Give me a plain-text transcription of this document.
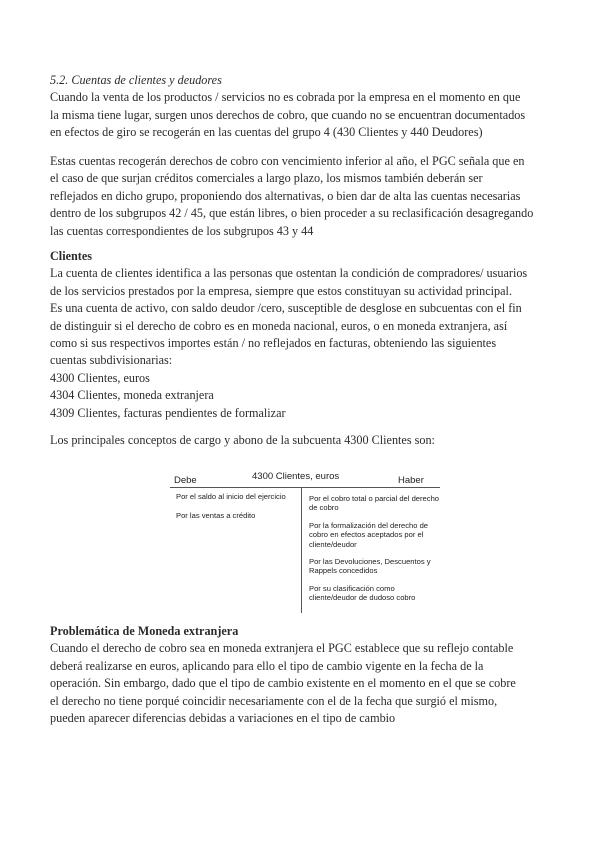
5.2. Cuentas de clientes y deudores

Cuando la venta de los productos / servicios no es cobrada por la empresa en el momento en que

la misma tiene lugar, surgen unos derechos de cobro, que cuando no se encuentran documentados

en efectos de giro se recogerán en las cuentas del grupo 4 (430 Clientes y 440 Deudores)

Estas cuentas recogerán derechos de cobro con vencimiento inferior al año, el PGC señala que en

el caso de que surjan créditos comerciales a largo plazo, los mismos también deberán ser

reflejados en dicho grupo, proponiendo dos alternativas, o bien dar de alta las cuentas necesarias

dentro de los subgrupos 42 / 45, que están libres, o bien proceder a su reclasificación desagregando

las cuentas correspondientes de los subgrupos 43 y 44

Clientes

La cuenta de clientes identifica a las personas que ostentan la condición de compradores/ usuarios

de los servicios prestados por la empresa, siempre que estos constituyan su actividad principal.

Es una cuenta de activo, con saldo deudor /cero, susceptible de desglose en subcuentas con el fin

de distinguir si el derecho de cobro es en moneda nacional, euros, o en moneda extranjera, así

como si sus respectivos importes están / no reflejados en facturas, obteniendo las siguientes

cuentas subdivisionarias:

4300 Clientes, euros

4304 Clientes, moneda extranjera

4309 Clientes, facturas pendientes de formalizar

Los principales conceptos de cargo y abono de la subcuenta 4300 Clientes son:

4300 Clientes, euros
Debe	Haber
Por el saldo al inicio del ejercicio
Por las ventas a crédito
Por el cobro total o parcial del derecho de cobro
Por la formalización del derecho de cobro en efectos aceptados por el cliente/deudor
Por las Devoluciones, Descuentos y Rappels concedidos
Por su clasificación como cliente/deudor de dudoso cobro

Problemática de Moneda extranjera

Cuando el derecho de cobro sea en moneda extranjera el PGC establece que su reflejo contable

deberá realizarse en euros, aplicando para ello el tipo de cambio vigente en la fecha de la

operación. Sin embargo, dado que el tipo de cambio existente en el momento en el que se cobre

el derecho no tiene porqué coincidir necesariamente con el de la fecha que surgió el mismo,

pueden aparecer diferencias debidas a variaciones en el tipo de cambio
